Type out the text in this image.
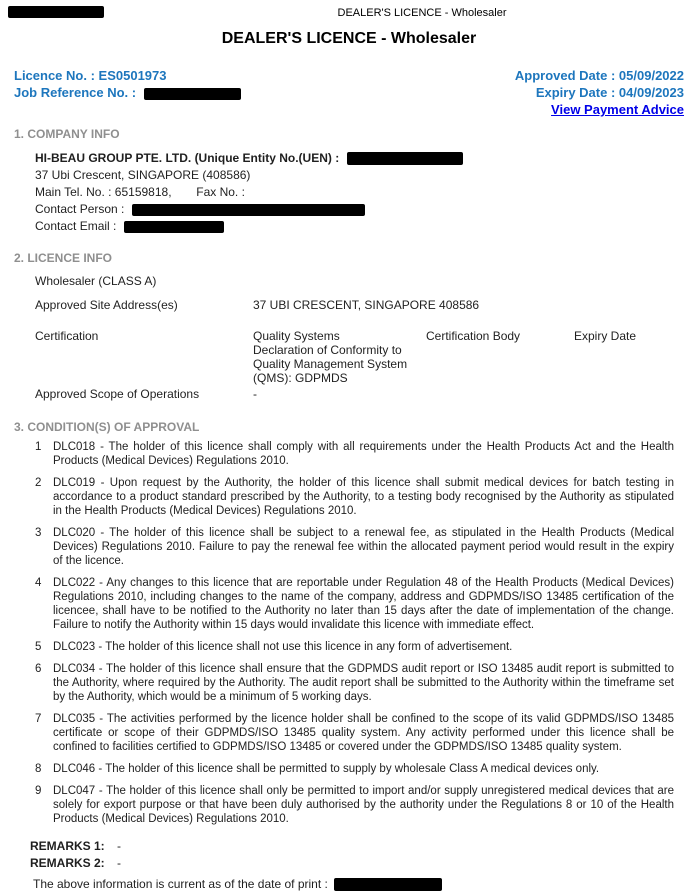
DEALER'S LICENCE - Wholesaler
DEALER'S LICENCE - Wholesaler
Licence No. : ES0501973
Job Reference No. :
Approved Date : 05/09/2022
Expiry Date : 04/09/2023
View Payment Advice
1. COMPANY INFO
HI-BEAU GROUP PTE. LTD. (Unique Entity No.(UEN) :
37 Ubi Crescent, SINGAPORE (408586)
Main Tel. No. : 65159818, Fax No. :
Contact Person :
Contact Email :
2. LICENCE INFO
Wholesaler (CLASS A)
Approved Site Address(es)	37 UBI CRESCENT, SINGAPORE 408586
Certification	Quality Systems	Certification Body	Expiry Date
Declaration of Conformity to Quality Management System (QMS): GDPMDS
Approved Scope of Operations	-
3. CONDITION(S) OF APPROVAL
1	DLC018 - The holder of this licence shall comply with all requirements under the Health Products Act and the Health Products (Medical Devices) Regulations 2010.
2	DLC019 - Upon request by the Authority, the holder of this licence shall submit medical devices for batch testing in accordance to a product standard prescribed by the Authority, to a testing body recognised by the Authority as stipulated in the Health Products (Medical Devices) Regulations 2010.
3	DLC020 - The holder of this licence shall be subject to a renewal fee, as stipulated in the Health Products (Medical Devices) Regulations 2010. Failure to pay the renewal fee within the allocated payment period would result in the expiry of the licence.
4	DLC022 - Any changes to this licence that are reportable under Regulation 48 of the Health Products (Medical Devices) Regulations 2010, including changes to the name of the company, address and GDPMDS/ISO 13485 certification of the licencee, shall have to be notified to the Authority no later than 15 days after the date of implementation of the change. Failure to notify the Authority within 15 days would invalidate this licence with immediate effect.
5	DLC023 - The holder of this licence shall not use this licence in any form of advertisement.
6	DLC034 - The holder of this licence shall ensure that the GDPMDS audit report or ISO 13485 audit report is submitted to the Authority, where required by the Authority. The audit report shall be submitted to the Authority within the timeframe set by the Authority, which would be a minimum of 5 working days.
7	DLC035 - The activities performed by the licence holder shall be confined to the scope of its valid GDPMDS/ISO 13485 certificate or scope of their GDPMDS/ISO 13485 quality system. Any activity performed under this licence shall be confined to facilities certified to GDPMDS/ISO 13485 or covered under the GDPMDS/ISO 13485 quality system.
8	DLC046 - The holder of this licence shall be permitted to supply by wholesale Class A medical devices only.
9	DLC047 - The holder of this licence shall only be permitted to import and/or supply unregistered medical devices that are solely for export purpose or that have been duly authorised by the authority under the Regulations 8 or 10 of the Health Products (Medical Devices) Regulations 2010.
REMARKS 1: -
REMARKS 2: -
The above information is current as of the date of print :
